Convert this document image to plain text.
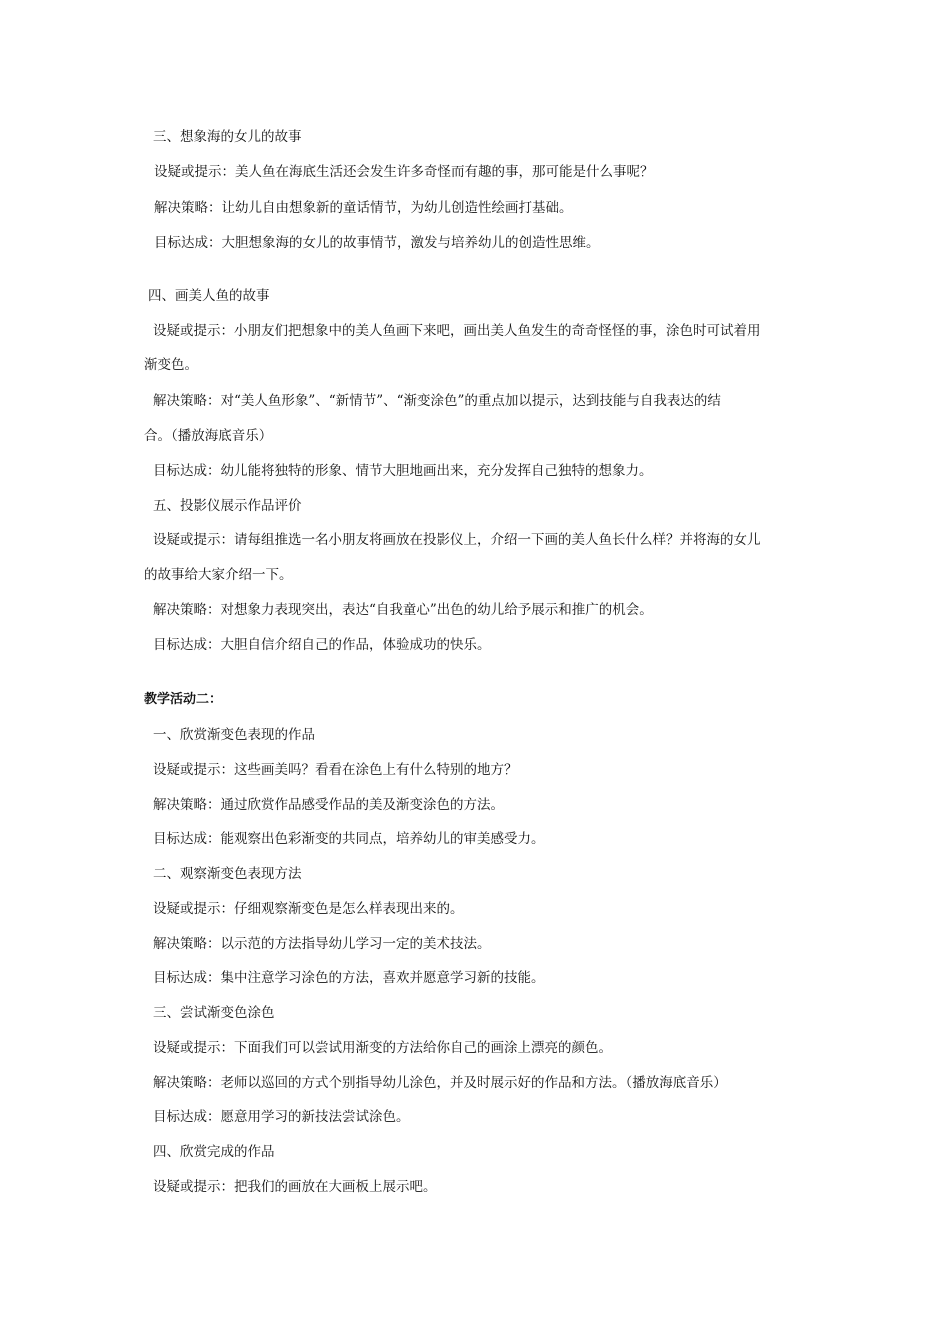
三、想象海的女儿的故事
设疑或提示：美人鱼在海底生活还会发生许多奇怪而有趣的事，那可能是什么事呢？
解决策略：让幼儿自由想象新的童话情节，为幼儿创造性绘画打基础。
目标达成：大胆想象海的女儿的故事情节，激发与培养幼儿的创造性思维。
四、画美人鱼的故事
设疑或提示：小朋友们把想象中的美人鱼画下来吧，画出美人鱼发生的奇奇怪怪的事，涂色时可试着用
渐变色。
解决策略：对“美人鱼形象”、“新情节”、“渐变涂色”的重点加以提示，达到技能与自我表达的结
合。（播放海底音乐）
目标达成：幼儿能将独特的形象、情节大胆地画出来，充分发挥自己独特的想象力。
五、投影仪展示作品评价
设疑或提示：请每组推选一名小朋友将画放在投影仪上，介绍一下画的美人鱼长什么样？并将海的女儿
的故事给大家介绍一下。
解决策略：对想象力表现突出，表达“自我童心”出色的幼儿给予展示和推广的机会。
目标达成：大胆自信介绍自己的作品，体验成功的快乐。
教学活动二：
一、欣赏渐变色表现的作品
设疑或提示：这些画美吗？看看在涂色上有什么特别的地方？
解决策略：通过欣赏作品感受作品的美及渐变涂色的方法。
目标达成：能观察出色彩渐变的共同点，培养幼儿的审美感受力。
二、观察渐变色表现方法
设疑或提示：仔细观察渐变色是怎么样表现出来的。
解决策略：以示范的方法指导幼儿学习一定的美术技法。
目标达成：集中注意学习涂色的方法，喜欢并愿意学习新的技能。
三、尝试渐变色涂色
设疑或提示：下面我们可以尝试用渐变的方法给你自己的画涂上漂亮的颜色。
解决策略：老师以巡回的方式个别指导幼儿涂色，并及时展示好的作品和方法。（播放海底音乐）
目标达成：愿意用学习的新技法尝试涂色。
四、欣赏完成的作品
设疑或提示：把我们的画放在大画板上展示吧。
